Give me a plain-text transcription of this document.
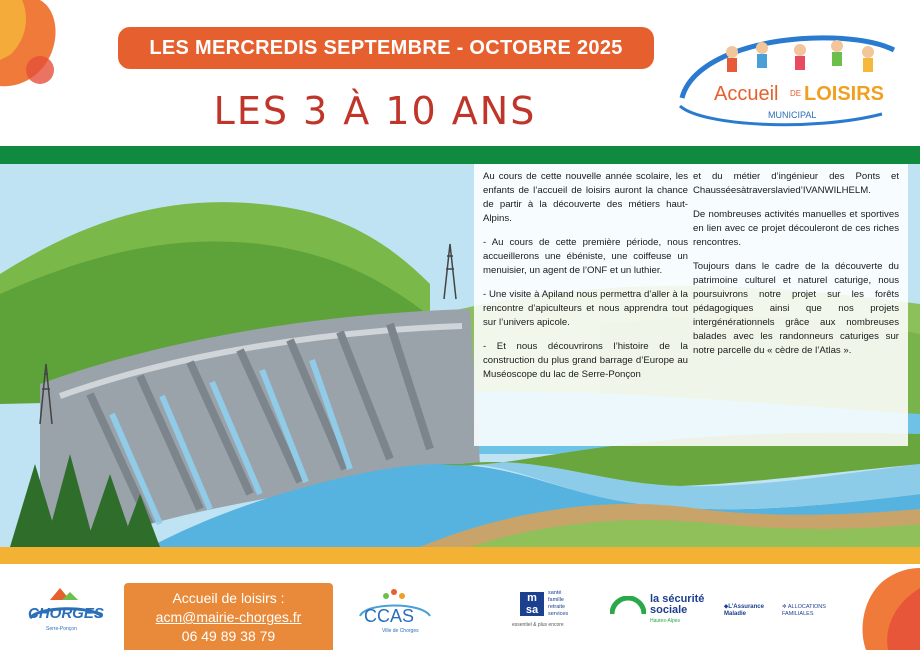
LES MERCREDIS SEPTEMBRE - OCTOBRE 2025
LES 3 À 10 ANS	Accueil DE LOISIRS
MUNICIPAL

Au cours de cette nouvelle année scolaire, les enfants de l’accueil de loisirs auront la chance de partir à la découverte des métiers haut-Alpins.

- Au cours de cette première période, nous accueillerons une ébéniste, une coiffeuse un menuisier, un agent de l’ONF et un luthier.

- Une visite à Apiland nous permettra d’aller à la rencontre d’apiculteurs et nous apprendra tout sur l’univers apicole.

- Et nous découvrirons l’histoire de la construction du plus grand barrage d’Europe au Muséoscope du lac de Serre-Ponçon

et du métier d’ingénieur des Ponts et Chausséesàtraverslavied’IVANWILHELM.

De nombreuses activités manuelles et sportives en lien avec ce projet découleront de ces riches rencontres.

Toujours dans le cadre de la découverte du patrimoine culturel et naturel caturige, nous poursuivrons notre projet sur les forêts pédagogiques ainsi que nos projets intergénérationnels grâce aux nombreuses balades avec les randonneurs caturiges sur notre parcelle du « cèdre de l’Atlas ».

CHORGES
Serre-Ponçon
Accueil de loisirs :
acm@mairie-chorges.fr
06 49 89 38 79
CCAS
Ville de Chorges
m
sa
santé
famille
retraite
services
essentiel & plus encore
la sécurité
sociale
Hautes-Alpes
⬥L'Assurance Maladie
✲ ALLOCATIONS FAMILIALES
